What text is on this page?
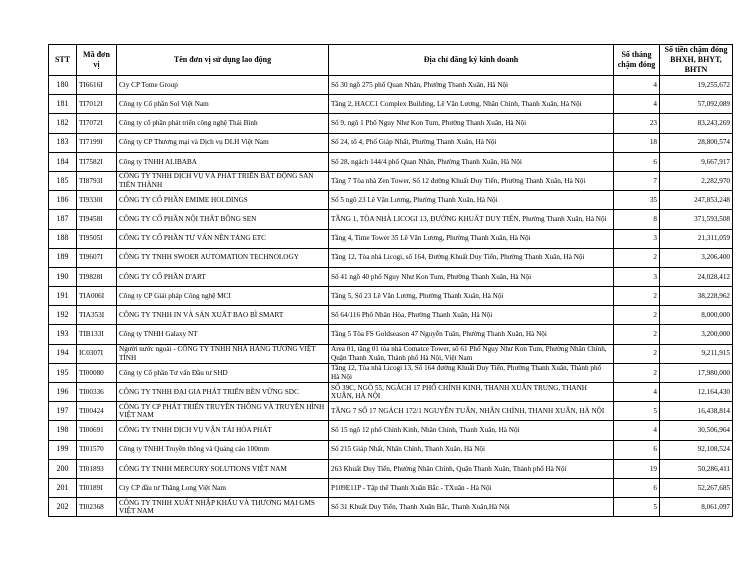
STT	Mã đơn vị	Tên đơn vị sử dụng lao động	Địa chỉ đăng ký kinh doanh	Số tháng chậm đóng	Số tiền chậm đóng BHXH, BHYT, BHTN
180	TI6616I	Cty CP Tome Group	Số 30 ngõ 275 phố Quan Nhân, Phường Thanh Xuân, Hà Nội	4	19,255,672
181	TI7012I	Công ty Cổ phần Sol Việt Nam	Tầng 2, HACC1 Complex Building, Lê Văn Lương, Nhân Chính, Thanh Xuân, Hà Nội	4	57,092,089
182	TI7072I	Công ty cổ phần phát triển công nghệ Thái Bình	Số 9, ngõ 1 Phố Nguy Như Kon Tum, Phường Thanh Xuân, Hà Nội	23	83,243,269
183	TI7199I	Công ty CP Thương mại và Dịch vụ DLH Việt Nam	Số 24, tổ 4, Phố Giáp Nhất, Phường Thanh Xuân, Hà Nội	18	28,800,574
184	TI7582I	Công ty TNHH ALIBABA	Số 28, ngách 144/4 phố Quan Nhân, Phường Thanh Xuân, Hà Nội	6	9,667,917
185	TI8793I	CÔNG TY TNHH DỊCH VỤ VÀ PHÁT TRIỂN BẤT ĐỘNG SẢN TIẾN THÀNH	Tầng 7 Tòa nhà Zen Tower, Số 12 đường Khuất Duy Tiến, Phường Thanh Xuân, Hà Nội	7	2,282,970
186	TI9330I	CÔNG TY CỔ PHẦN EMIME HOLDINGS	Số 5 ngõ 23 Lê Văn Lương, Phường Thanh Xuân, Hà Nội	35	247,853,248
187	TI9458I	CÔNG TY CỔ PHẦN NỘI THẤT BÔNG SEN	TẦNG 1, TÒA NHÀ LICOGI 13, ĐƯỜNG KHUẤT DUY TIẾN, Phường Thanh Xuân, Hà Nội	8	371,593,508
188	TI9505I	CÔNG TY CỔ PHẦN TƯ VẤN NỀN TẢNG ETC	Tầng 4, Time Tower 35 Lê Văn Lương, Phường Thanh Xuân, Hà Nội	3	21,311,059
189	TI9607I	CÔNG TY TNHH SWOER AUTOMATION TECHNOLOGY	Tầng 12, Tòa nhà Licogi, số 164, Đường Khuất Duy Tiến, Phường Thanh Xuân, Hà Nội	2	3,206,400
190	TI9828I	CÔNG TY CỔ PHẦN D'ART	Số 41 ngõ 40 phố Nguy Như Kon Tum, Phường Thanh Xuân, Hà Nội	3	24,028,412
191	TIA006I	Công ty CP Giải pháp Công nghệ MCI	Tầng 5, Số 23 Lê Văn Lương, Phường Thanh Xuân, Hà Nội	2	38,228,962
192	TIA353I	CÔNG TY TNHH IN VÀ SẢN XUẤT BAO BÌ SMART	Số 64/116 Phố Nhân Hòa, Phường Thanh Xuân, Hà Nội	2	8,000,000
193	TIB133I	Công ty TNHH Galaxy NT	Tầng 5 Tòa FS Goldseason 47 Nguyễn Tuân, Phường Thanh Xuân, Hà Nội	2	3,200,000
194	IC0307I	Người nước ngoài - CÔNG TY TNHH NHÀ HÀNG TƯƠNG VIỆT TÍNH	Area 01, tầng 01 tòa nhà Comatce Tower, số 61 Phố Nguy Như Kon Tum, Phường Nhân Chính, Quận Thanh Xuân, Thành phố Hà Nội, Việt Nam	2	9,211,915
195	TI00080	Công ty Cổ phần Tư vấn Đầu tư SHD	Tầng 12, Tòa nhà Licogi 13, Số 164 đường Khuất Duy Tiến, Phường Thanh Xuân, Thành phố Hà Nội	2	17,980,000
196	TI00336	CÔNG TY TNHH ĐẠI GIA PHÁT TRIỂN BỀN VỮNG SDC	SỐ 39C, NGÕ 55, NGÁCH 17 PHỐ CHÍNH KINH, THANH XUÂN TRUNG, THANH XUÂN, HÀ NỘI	4	12,164,430
197	TI00424	CÔNG TY CP PHÁT TRIỂN TRUYỀN THÔNG VÀ TRUYỀN HÌNH VIỆT NAM	TẦNG 7 SỐ 17 NGÁCH 172/1 NGUYỄN TUÂN, NHÂN CHÍNH, THANH XUÂN, HÀ NỘI	5	16,438,814
198	TI00691	CÔNG TY TNHH DỊCH VỤ VẬN TẢI HÒA PHÁT	Số 15 ngõ 12 phố Chính Kinh, Nhân Chính, Thanh Xuân, Hà Nội	4	30,506,964
199	TI01570	Công ty TNHH Truyền thông và Quảng cáo 100mm	Số 215 Giáp Nhất, Nhân Chính, Thanh Xuân, Hà Nội	6	92,108,524
200	TI01893	CÔNG TY TNHH MERCURY SOLUTIONS VIỆT NAM	263 Khuất Duy Tiến, Phường Nhân Chính, Quận Thanh Xuân, Thành phố Hà Nội	19	50,286,411
201	TI0189I	Cty CP đầu tư Thăng Long Việt Nam	P109E11P - Tập thể Thanh Xuân Bắc - TXuân - Hà Nội	6	52,267,685
202	TI02368	CÔNG TY TNHH XUẤT NHẬP KHẨU VÀ THƯƠNG MẠI GMS VIỆT NAM	Số 31 Khuất Duy Tiến, Thanh Xuân Bắc, Thanh Xuân,Hà Nội	5	8,061,097
